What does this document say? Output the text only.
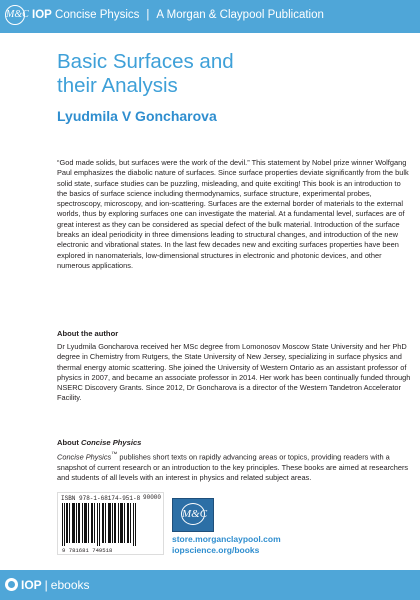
M&C IOP Concise Physics | A Morgan & Claypool Publication
Basic Surfaces and
their Analysis
Lyudmila V Goncharova

“God made solids, but surfaces were the work of the devil.” This statement by Nobel prize winner Wolfgang Paul emphasizes the diabolic nature of surfaces. Since surface properties deviate significantly from the bulk solid state, surface studies can be puzzling, misleading, and quite exciting! This book is an introduction to the basics of surface science including thermodynamics, surface structure, experimental probes, spectroscopy, microscopy, and ion-scattering. Surfaces are the external border of materials to the external worlds, thus by exploring surfaces one can investigate the material. At a fundamental level, surfaces are of great interest as they can be considered as special defect of the bulk material. Introduction of the surface breaks an ideal periodicity in three dimensions leading to structural changes, and introduction of the new electronic and vibrational states. In the last few decades new and exciting surfaces properties have been explored in nanomaterials, low-dimensional structures in electronic and photonic devices, and other numerous applications.

About the author

Dr Lyudmila Goncharova received her MSc degree from Lomonosov Moscow State University and her PhD degree in Chemistry from Rutgers, the State University of New Jersey, specializing in surface physics and thermal energy atomic scattering. She joined the University of Western Ontario as an assistant professor of physics in 2007, and became an associate professor in 2014. Her work has been continually funded through NSERC Discovery Grants. Since 2012, Dr Goncharova is a director of the Western Tandetron Accelerator Facility.

About Concise Physics

Concise Physics™ publishes short texts on rapidly advancing areas or topics, providing readers with a snapshot of current research or an introduction to the key principles. These books are aimed at researchers and students of all levels with an interest in physics and related subject areas.

ISBN 978-1-68174-951-8 90000
9 781681 749518
M&C
store.morganclaypool.com
iopscience.org/books
IOP | ebooks
